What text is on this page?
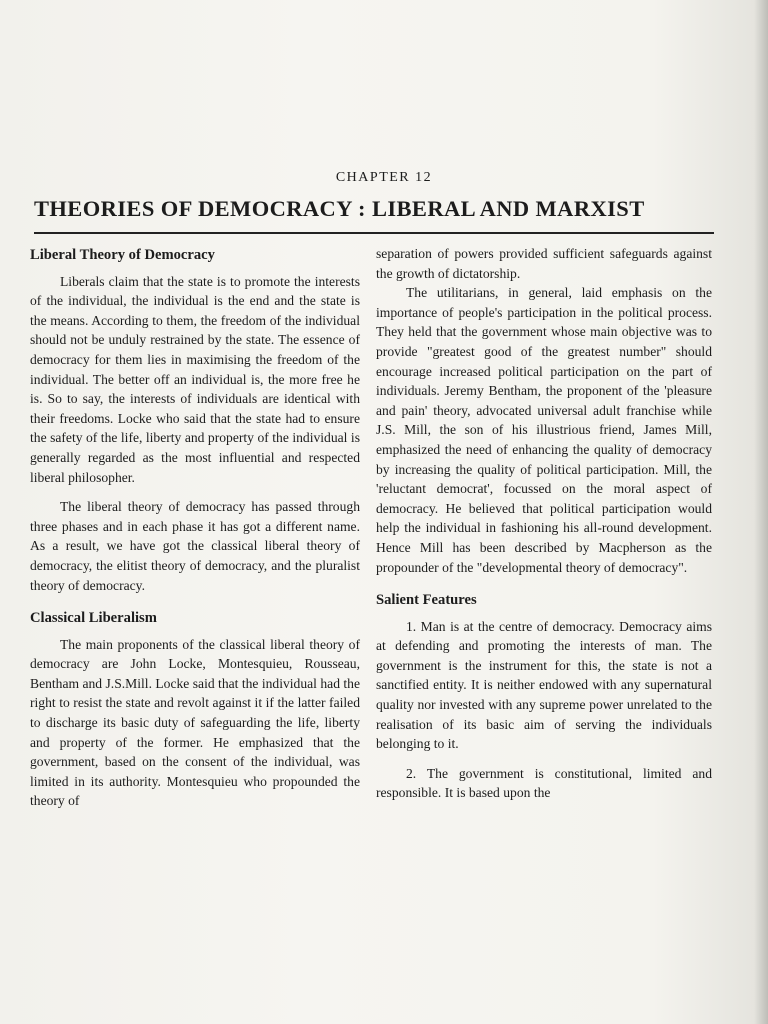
CHAPTER 12
THEORIES OF DEMOCRACY : LIBERAL AND MARXIST
Liberal Theory of Democracy

Liberals claim that the state is to promote the interests of the individual, the individual is the end and the state is the means. According to them, the freedom of the individual should not be unduly restrained by the state. The essence of democracy for them lies in maximising the freedom of the individual. The better off an individual is, the more free he is. So to say, the interests of individuals are identical with their freedoms. Locke who said that the state had to ensure the safety of the life, liberty and property of the individual is generally regarded as the most influential and respected liberal philosopher.

The liberal theory of democracy has passed through three phases and in each phase it has got a different name. As a result, we have got the classical liberal theory of democracy, the elitist theory of democracy, and the pluralist theory of democracy.

Classical Liberalism

The main proponents of the classical liberal theory of democracy are John Locke, Montesquieu, Rousseau, Bentham and J.S.Mill. Locke said that the individual had the right to resist the state and revolt against it if the latter failed to discharge its basic duty of safeguarding the life, liberty and property of the former. He emphasized that the government, based on the consent of the individual, was limited in its authority. Montesquieu who propounded the theory of

separation of powers provided sufficient safeguards against the growth of dictatorship.

The utilitarians, in general, laid emphasis on the importance of people's participation in the political process. They held that the government whose main objective was to provide "greatest good of the greatest number" should encourage increased political participation on the part of individuals. Jeremy Bentham, the proponent of the 'pleasure and pain' theory, advocated universal adult franchise while J.S. Mill, the son of his illustrious friend, James Mill, emphasized the need of enhancing the quality of democracy by increasing the quality of political participation. Mill, the 'reluctant democrat', focussed on the moral aspect of democracy. He believed that political participation would help the individual in fashioning his all-round development. Hence Mill has been described by Macpherson as the propounder of the "developmental theory of democracy".

Salient Features

1. Man is at the centre of democracy. Democracy aims at defending and promoting the interests of man. The government is the instrument for this, the state is not a sanctified entity. It is neither endowed with any supernatural quality nor invested with any supreme power unrelated to the realisation of its basic aim of serving the individuals belonging to it.

2. The government is constitutional, limited and responsible. It is based upon the
